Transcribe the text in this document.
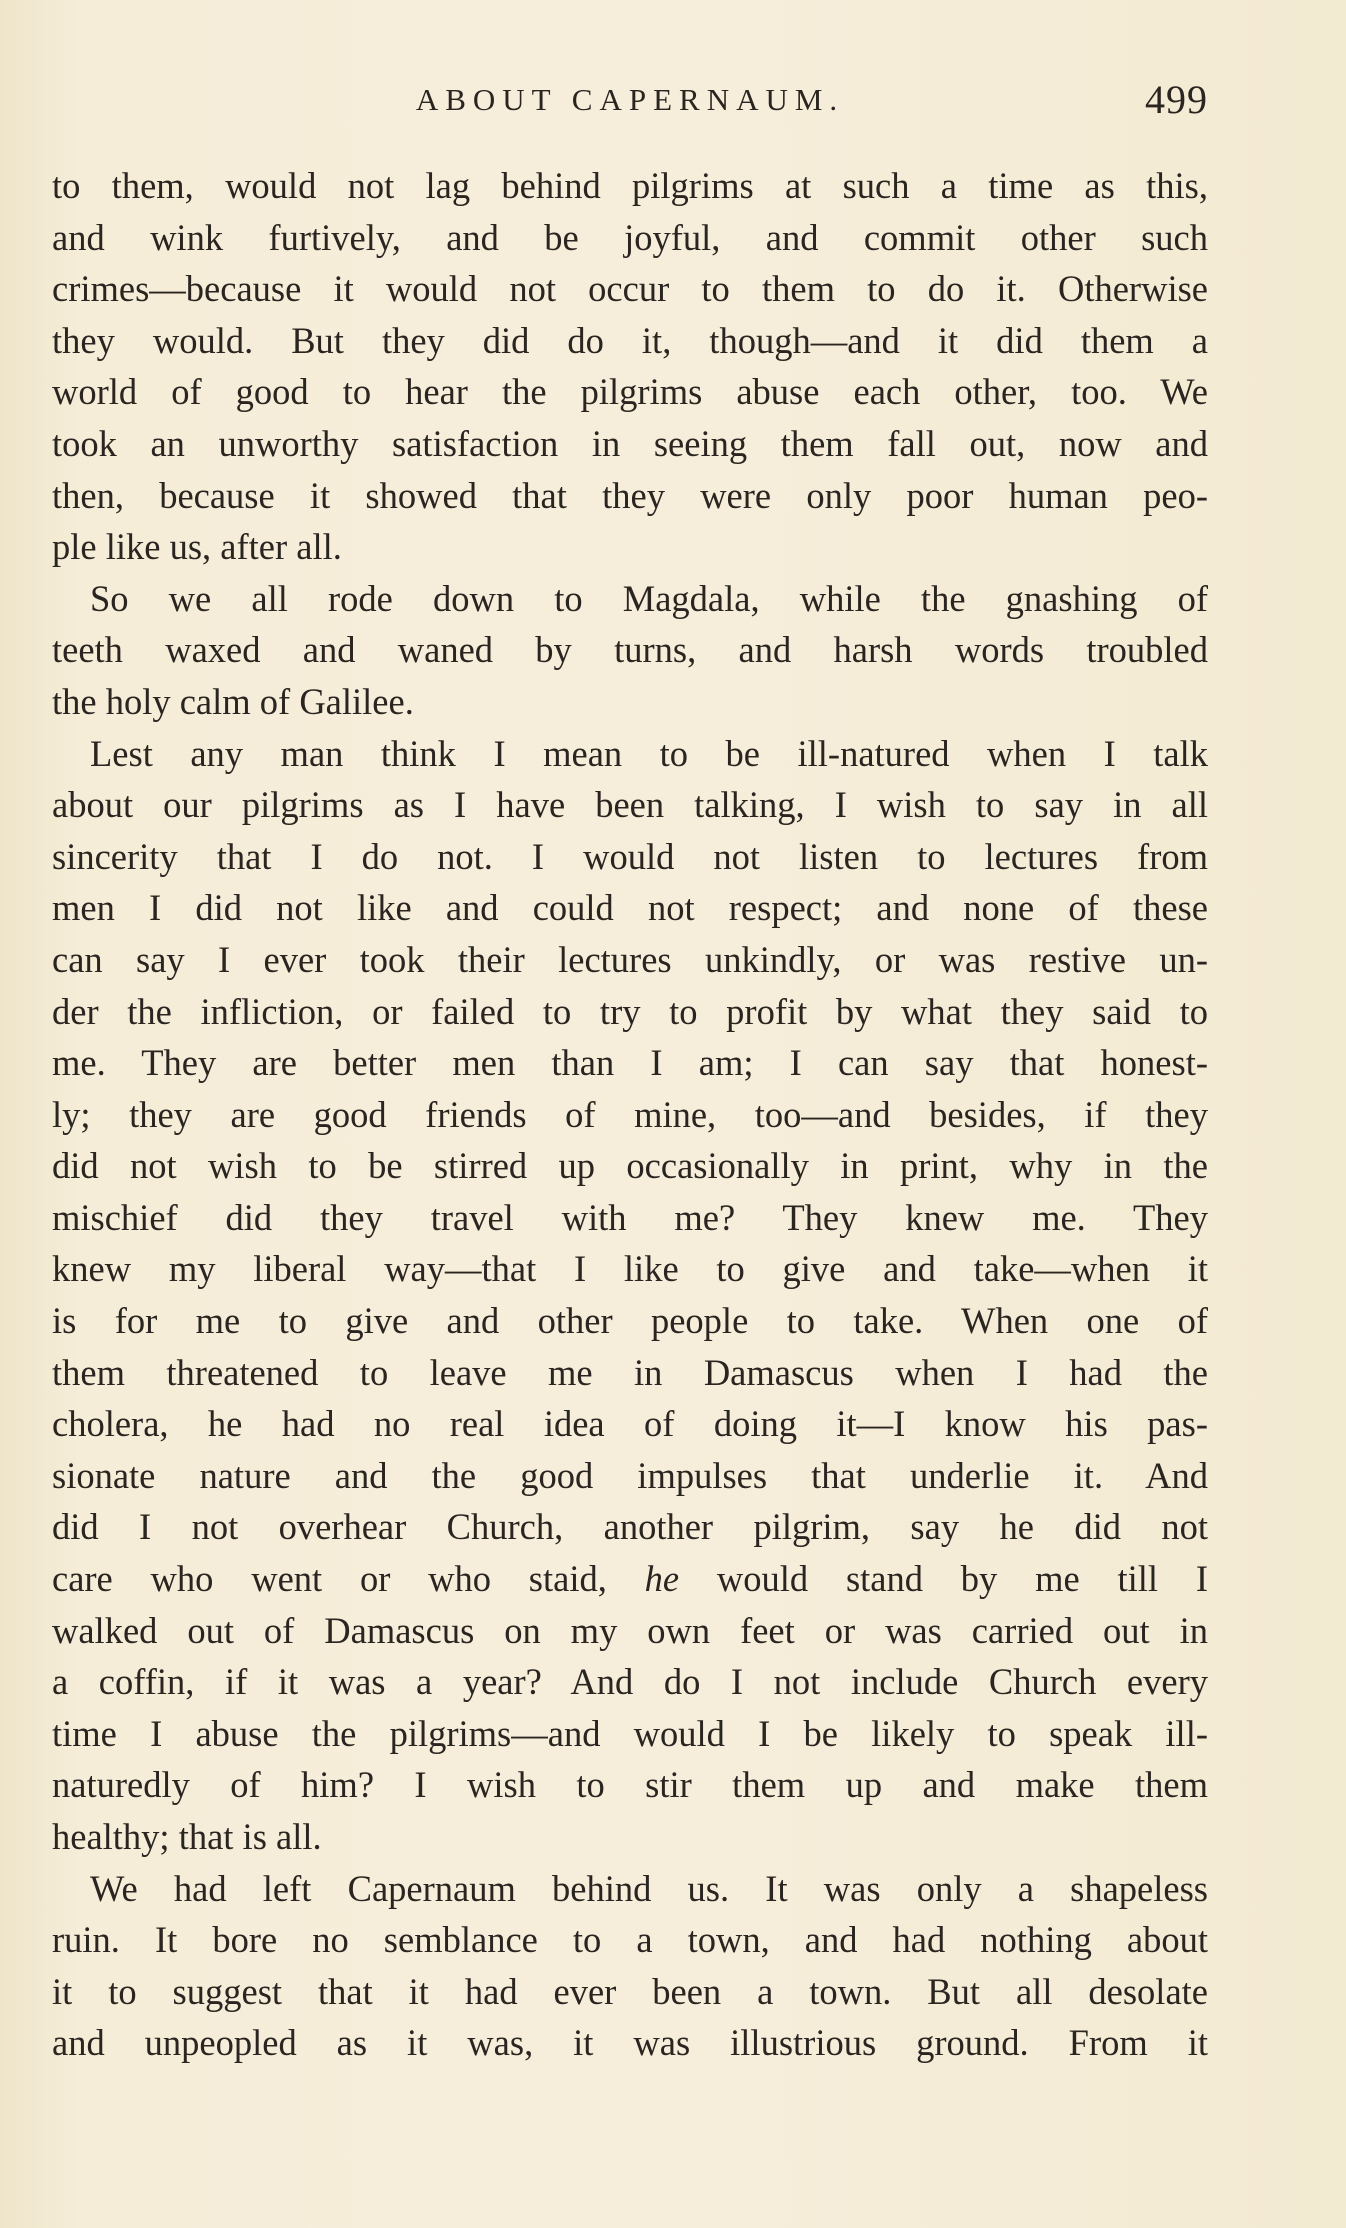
ABOUT CAPERNAUM.	499
to them, would not lag behind pilgrims at such a time as this,
and wink furtively, and be joyful, and commit other such
crimes—because it would not occur to them to do it. Otherwise
they would. But they did do it, though—and it did them a
world of good to hear the pilgrims abuse each other, too. We
took an unworthy satisfaction in seeing them fall out, now and
then, because it showed that they were only poor human peo-
ple like us, after all.
So we all rode down to Magdala, while the gnashing of
teeth waxed and waned by turns, and harsh words troubled
the holy calm of Galilee.
Lest any man think I mean to be ill-natured when I talk
about our pilgrims as I have been talking, I wish to say in all
sincerity that I do not. I would not listen to lectures from
men I did not like and could not respect; and none of these
can say I ever took their lectures unkindly, or was restive un-
der the infliction, or failed to try to profit by what they said to
me. They are better men than I am; I can say that honest-
ly; they are good friends of mine, too—and besides, if they
did not wish to be stirred up occasionally in print, why in the
mischief did they travel with me? They knew me. They
knew my liberal way—that I like to give and take—when it
is for me to give and other people to take. When one of
them threatened to leave me in Damascus when I had the
cholera, he had no real idea of doing it—I know his pas-
sionate nature and the good impulses that underlie it. And
did I not overhear Church, another pilgrim, say he did not
care who went or who staid, he would stand by me till I
walked out of Damascus on my own feet or was carried out in
a coffin, if it was a year? And do I not include Church every
time I abuse the pilgrims—and would I be likely to speak ill-
naturedly of him? I wish to stir them up and make them
healthy; that is all.
We had left Capernaum behind us. It was only a shapeless
ruin. It bore no semblance to a town, and had nothing about
it to suggest that it had ever been a town. But all desolate
and unpeopled as it was, it was illustrious ground. From it
